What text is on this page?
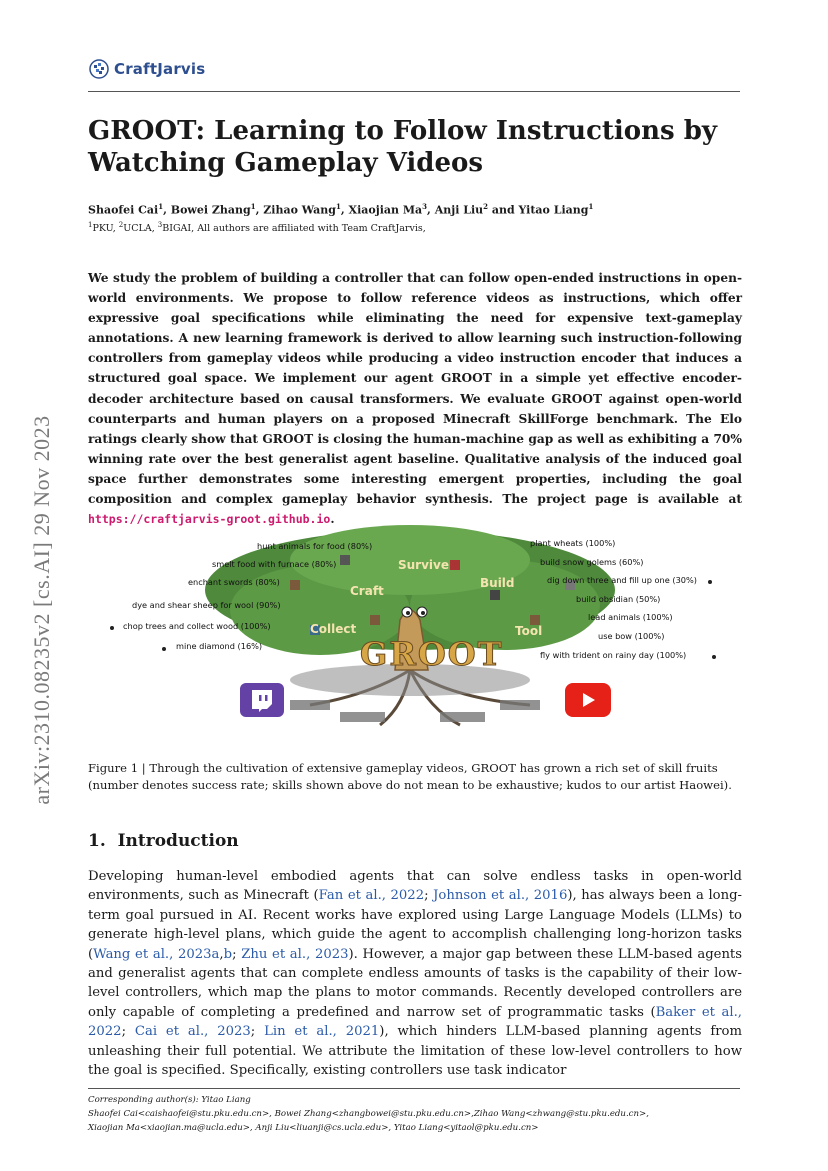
CraftJarvis
GROOT: Learning to Follow Instructions by Watching Gameplay Videos
Shaofei Cai$^1$, Bowei Zhang$^1$, Zihao Wang$^1$, Xiaojian Ma$^3$, Anji Liu$^2$ and Yitao Liang$^1$
$^1$PKU, $^2$UCLA, $^3$BIGAI, All authors are affiliated with Team CraftJarvis,
We study the problem of building a controller that can follow open-ended instructions in open-world environments. We propose to follow reference videos as instructions, which offer expressive goal specifications while eliminating the need for expensive text-gameplay annotations. A new learning framework is derived to allow learning such instruction-following controllers from gameplay videos while producing a video instruction encoder that induces a structured goal space. We implement our agent GROOT in a simple yet effective encoder-decoder architecture based on causal transformers. We evaluate GROOT against open-world counterparts and human players on a proposed Minecraft SkillForge benchmark. The Elo ratings clearly show that GROOT is closing the human-machine gap as well as exhibiting a 70% winning rate over the best generalist agent baseline. Qualitative analysis of the induced goal space further demonstrates some interesting emergent properties, including the goal composition and complex gameplay behavior synthesis. The project page is available at https://craftjarvis-groot.github.io.
arXiv:2310.08235v2 [cs.AI] 29 Nov 2023	Survive
Build
Craft
Collect	Tool
GROOT
hunt animals for food (80%)
smelt food with furnace (80%)
enchant swords (80%)
dye and shear sheep for wool (90%)
chop trees and collect wood (100%)
mine diamond (16%)
plant wheats (100%)
build snow golems (60%)
dig down three and fill up one (30%)
build obsidian (50%)
lead animals (100%)
use bow (100%)
fly with trident on rainy day (100%)
Figure 1 | Through the cultivation of extensive gameplay videos, GROOT has grown a rich set of skill fruits (number denotes success rate; skills shown above do not mean to be exhaustive; kudos to our artist Haowei).
1. Introduction
Developing human-level embodied agents that can solve endless tasks in open-world environments, such as Minecraft (Fan et al., 2022; Johnson et al., 2016), has always been a long-term goal pursued in AI. Recent works have explored using Large Language Models (LLMs) to generate high-level plans, which guide the agent to accomplish challenging long-horizon tasks (Wang et al., 2023a,b; Zhu et al., 2023). However, a major gap between these LLM-based agents and generalist agents that can complete endless amounts of tasks is the capability of their low-level controllers, which map the plans to motor commands. Recently developed controllers are only capable of completing a predefined and narrow set of programmatic tasks (Baker et al., 2022; Cai et al., 2023; Lin et al., 2021), which hinders LLM-based planning agents from unleashing their full potential. We attribute the limitation of these low-level controllers to how the goal is specified. Specifically, existing controllers use task indicator
Corresponding author(s): Yitao Liang
Shaofei Cai<caishaofei@stu.pku.edu.cn>, Bowei Zhang<zhangbowei@stu.pku.edu.cn>,Zihao Wang<zhwang@stu.pku.edu.cn>,
Xiaojian Ma<xiaojian.ma@ucla.edu>, Anji Liu<liuanji@cs.ucla.edu>, Yitao Liang<yitaol@pku.edu.cn>
